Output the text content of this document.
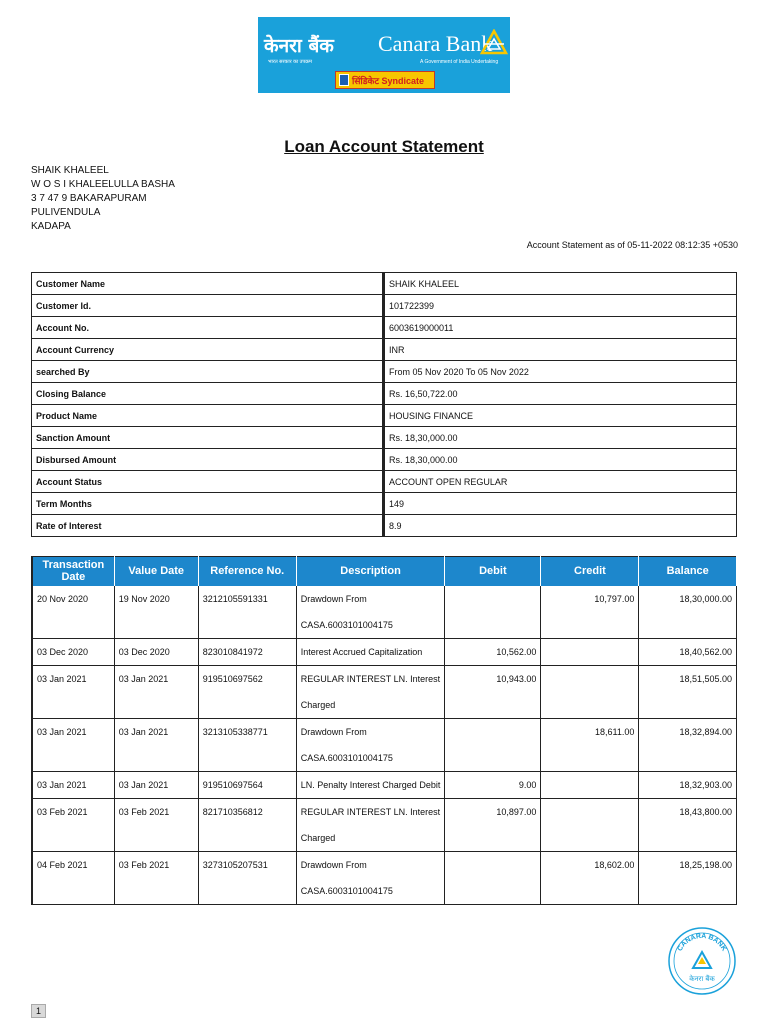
केनरा बैंक Canara Bank
भारत सरकार का उपक्रम	A Government of India Undertaking
सिंडिकेट Syndicate
Loan Account Statement
SHAIK KHALEEL
W O S I KHALEELULLA BASHA
3 7 47 9 BAKARAPURAM
PULIVENDULA
KADAPA
Account Statement as of 05-11-2022 08:12:35 +0530
Customer Name	SHAIK KHALEEL
Customer Id.	101722399
Account No.	6003619000011
Account Currency	INR
searched By	From 05 Nov 2020 To 05 Nov 2022
Closing Balance	Rs. 16,50,722.00
Product Name	HOUSING FINANCE
Sanction Amount	Rs. 18,30,000.00
Disbursed Amount	Rs. 18,30,000.00
Account Status	ACCOUNT OPEN REGULAR
Term Months	149
Rate of Interest	8.9
Transaction Date	Value Date	Reference No.	Description	Debit	Credit	Balance

20 Nov 2020	19 Nov 2020	3212105591331	Drawdown From
CASA.6003101004175		10,797.00	18,30,000.00

03 Dec 2020	03 Dec 2020	823010841972	Interest Accrued Capitalization	10,562.00		18,40,562.00

03 Jan 2021	03 Jan 2021	919510697562	REGULAR INTEREST LN. Interest
Charged	10,943.00		18,51,505.00

03 Jan 2021	03 Jan 2021	3213105338771	Drawdown From
CASA.6003101004175		18,611.00	18,32,894.00

03 Jan 2021	03 Jan 2021	919510697564	LN. Penalty Interest Charged Debit	9.00		18,32,903.00

03 Feb 2021	03 Feb 2021	821710356812	REGULAR INTEREST LN. Interest
Charged	10,897.00		18,43,800.00

04 Feb 2021	03 Feb 2021	3273105207531	Drawdown From
CASA.6003101004175		18,602.00	18,25,198.00
CANARA BANK
केनरा बैंक
1
